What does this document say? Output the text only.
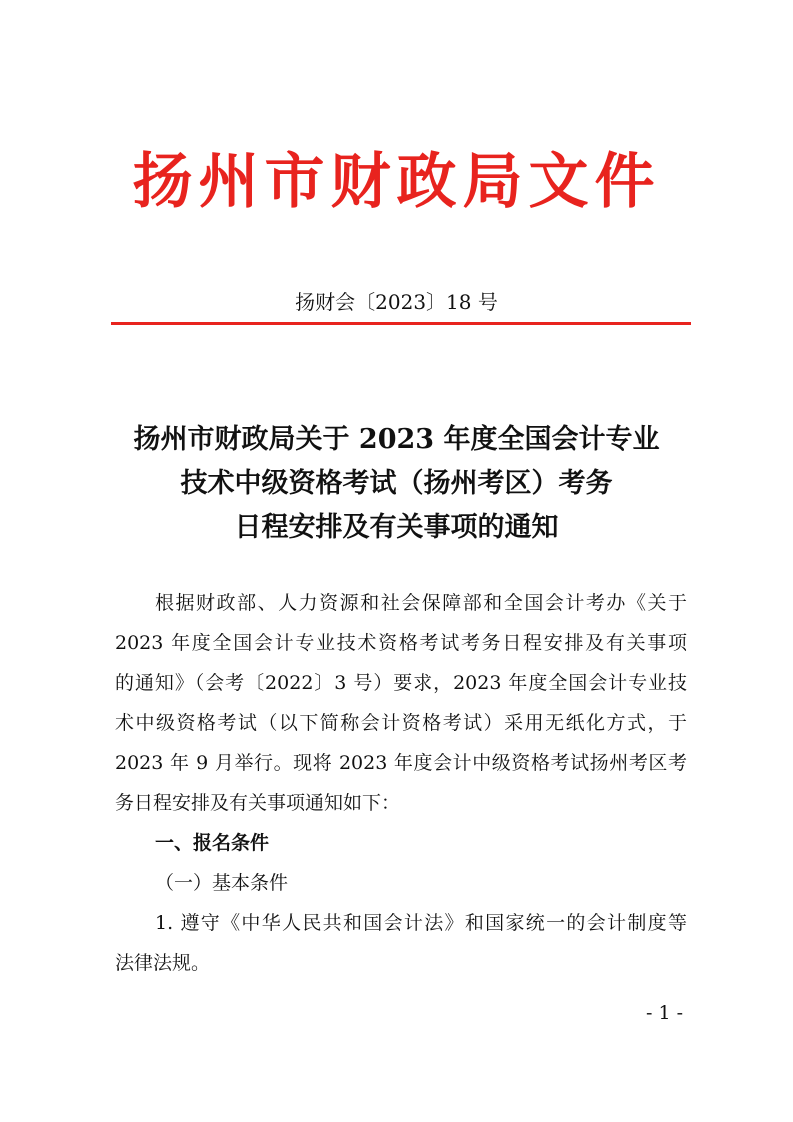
扬州市财政局文件
扬财会〔2023〕18 号
扬州市财政局关于 2023 年度全国会计专业
技术中级资格考试（扬州考区）考务
日程安排及有关事项的通知
根据财政部、人力资源和社会保障部和全国会计考办《关于
2023 年度全国会计专业技术资格考试考务日程安排及有关事项
的通知》（会考〔2022〕3 号）要求，2023 年度全国会计专业技
术中级资格考试（以下简称会计资格考试）采用无纸化方式，于
2023 年 9 月举行。现将 2023 年度会计中级资格考试扬州考区考
务日程安排及有关事项通知如下：
一、报名条件
（一）基本条件
1. 遵守《中华人民共和国会计法》和国家统一的会计制度等
法律法规。
- 1 -
